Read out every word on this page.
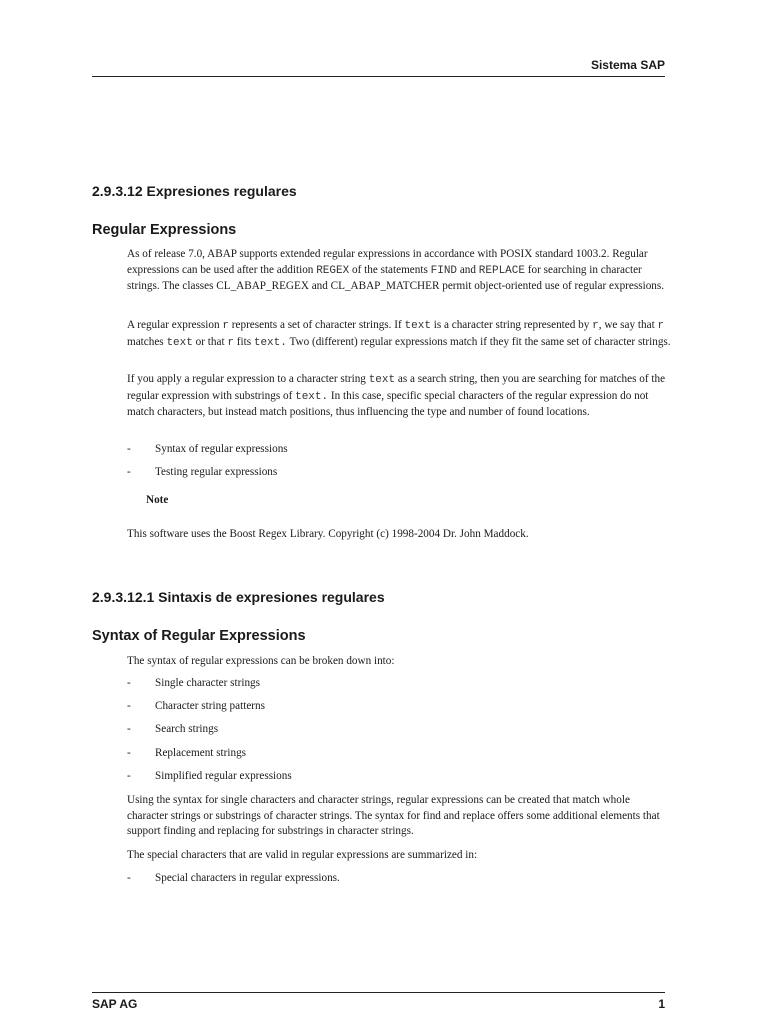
Sistema SAP
2.9.3.12 Expresiones regulares
Regular Expressions

As of release 7.0, ABAP supports extended regular expressions in accordance with POSIX standard 1003.2. Regular expressions can be used after the addition REGEX of the statements FIND and REPLACE for searching in character strings. The classes CL_ABAP_REGEX and CL_ABAP_MATCHER permit object-oriented use of regular expressions.

A regular expression r represents a set of character strings. If text is a character string represented by r, we say that r matches text or that r fits text. Two (different) regular expressions match if they fit the same set of character strings.

If you apply a regular expression to a character string text as a search string, then you are searching for matches of the regular expression with substrings of text. In this case, specific special characters of the regular expression do not match characters, but instead match positions, thus influencing the type and number of found locations.

- Syntax of regular expressions
- Testing regular expressions

Note

This software uses the Boost Regex Library. Copyright (c) 1998-2004 Dr. John Maddock.

2.9.3.12.1 Sintaxis de expresiones regulares
Syntax of Regular Expressions

The syntax of regular expressions can be broken down into:

- Single character strings
- Character string patterns
- Search strings
- Replacement strings
- Simplified regular expressions

Using the syntax for single characters and character strings, regular expressions can be created that match whole character strings or substrings of character strings. The syntax for find and replace offers some additional elements that support finding and replacing for substrings in character strings.

The special characters that are valid in regular expressions are summarized in:

- Special characters in regular expressions.
SAP AG	1
